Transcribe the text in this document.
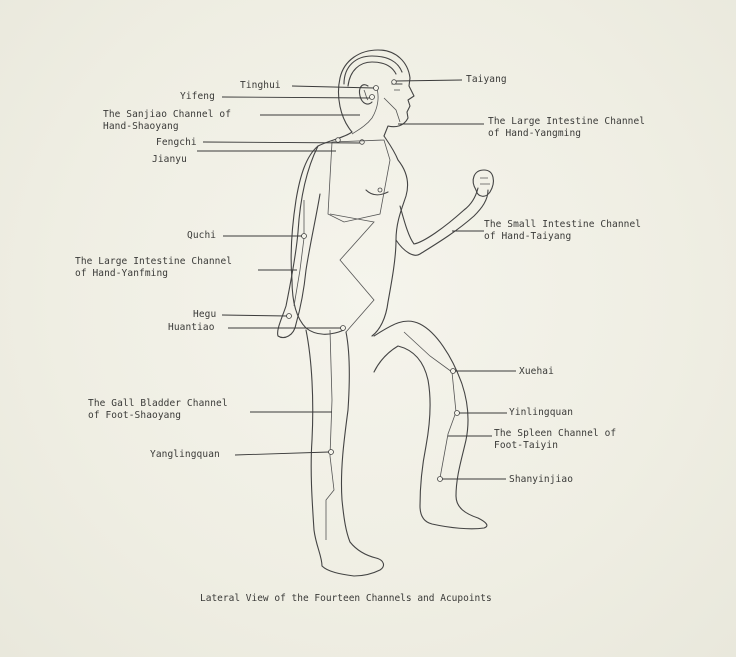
Tinghui
Yifeng
The Sanjiao Channel of
Hand-Shaoyang
Fengchi
Jianyu
Quchi
The Large Intestine Channel
of Hand-Yanfming
Hegu
Huantiao
The Gall Bladder Channel
of Foot-Shaoyang
Yanglingquan
Taiyang
The Large Intestine Channel
of Hand-Yangming
The Small Intestine Channel
of Hand-Taiyang
Xuehai
Yinlingquan
The Spleen Channel of
Foot-Taiyin
Shanyinjiao
Lateral View of the Fourteen Channels and Acupoints
